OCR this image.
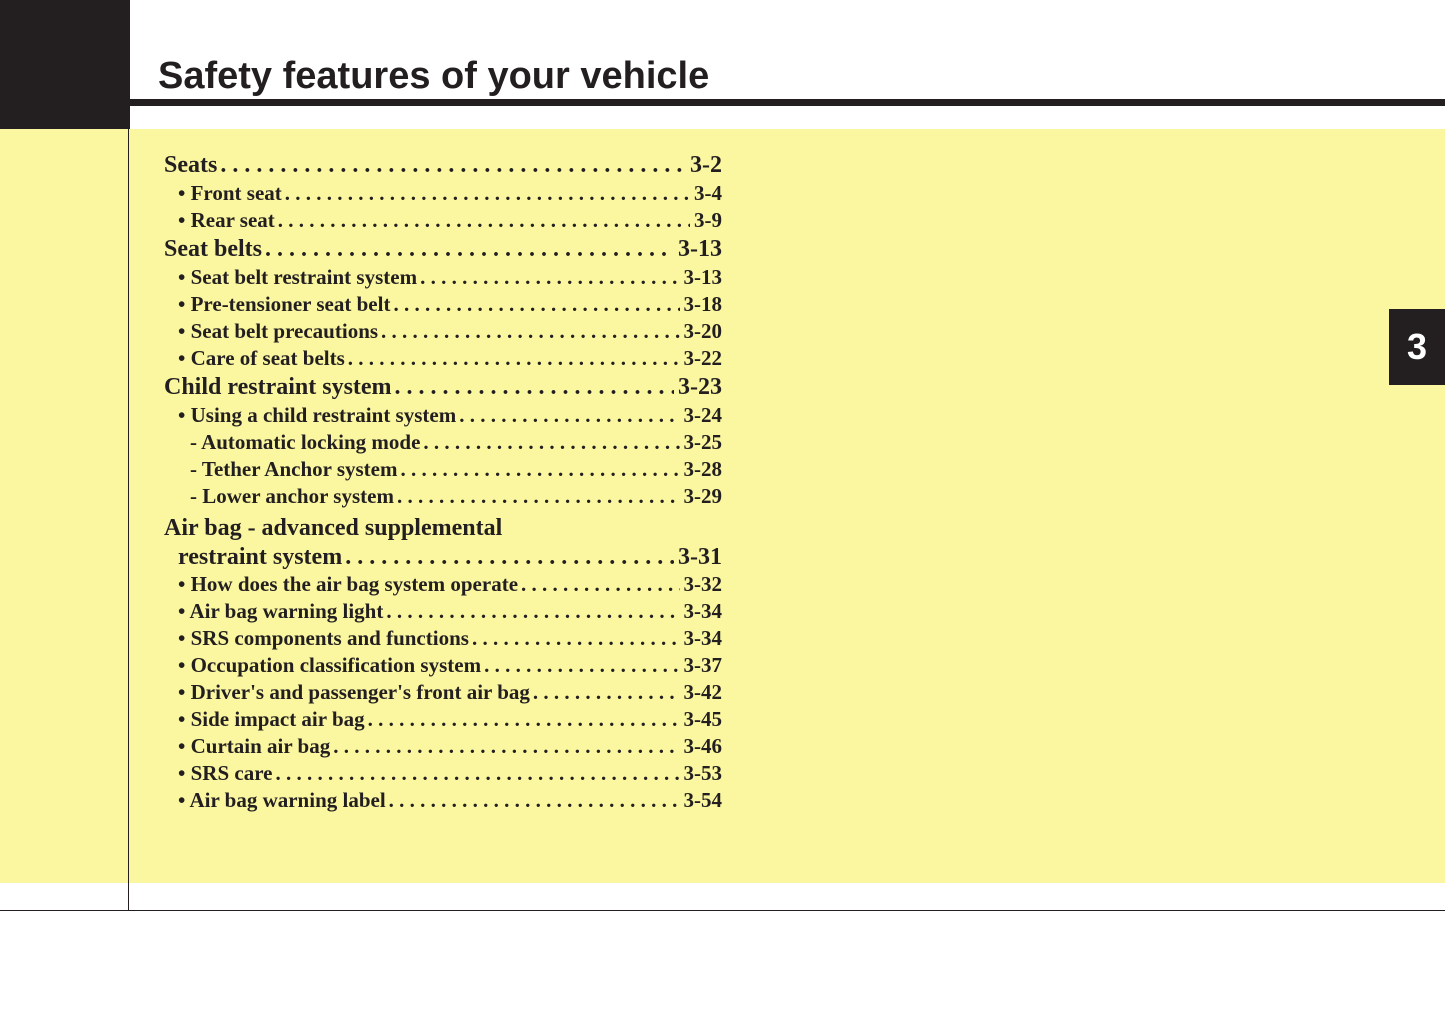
Safety features of your vehicle
3
Seats . . .	3-2
• Front seat . . .	3-4
• Rear seat . . .	3-9
Seat belts . . .	3-13
• Seat belt restraint system . . .	3-13
• Pre-tensioner seat belt . . .	3-18
• Seat belt precautions . . .	3-20
• Care of seat belts . . .	3-22
Child restraint system . . .	3-23
• Using a child restraint system . . .	3-24
- Automatic locking mode . . .	3-25
- Tether Anchor system . . .	3-28
- Lower anchor system . . .	3-29
Air bag - advanced supplemental
restraint system . . .	3-31
• How does the air bag system operate . . .	3-32
• Air bag warning light . . .	3-34
• SRS components and functions . . .	3-34
• Occupation classification system . . .	3-37
• Driver's and passenger's front air bag . . .	3-42
• Side impact air bag . . .	3-45
• Curtain air bag . . .	3-46
• SRS care . . .	3-53
• Air bag warning label . . .	3-54
